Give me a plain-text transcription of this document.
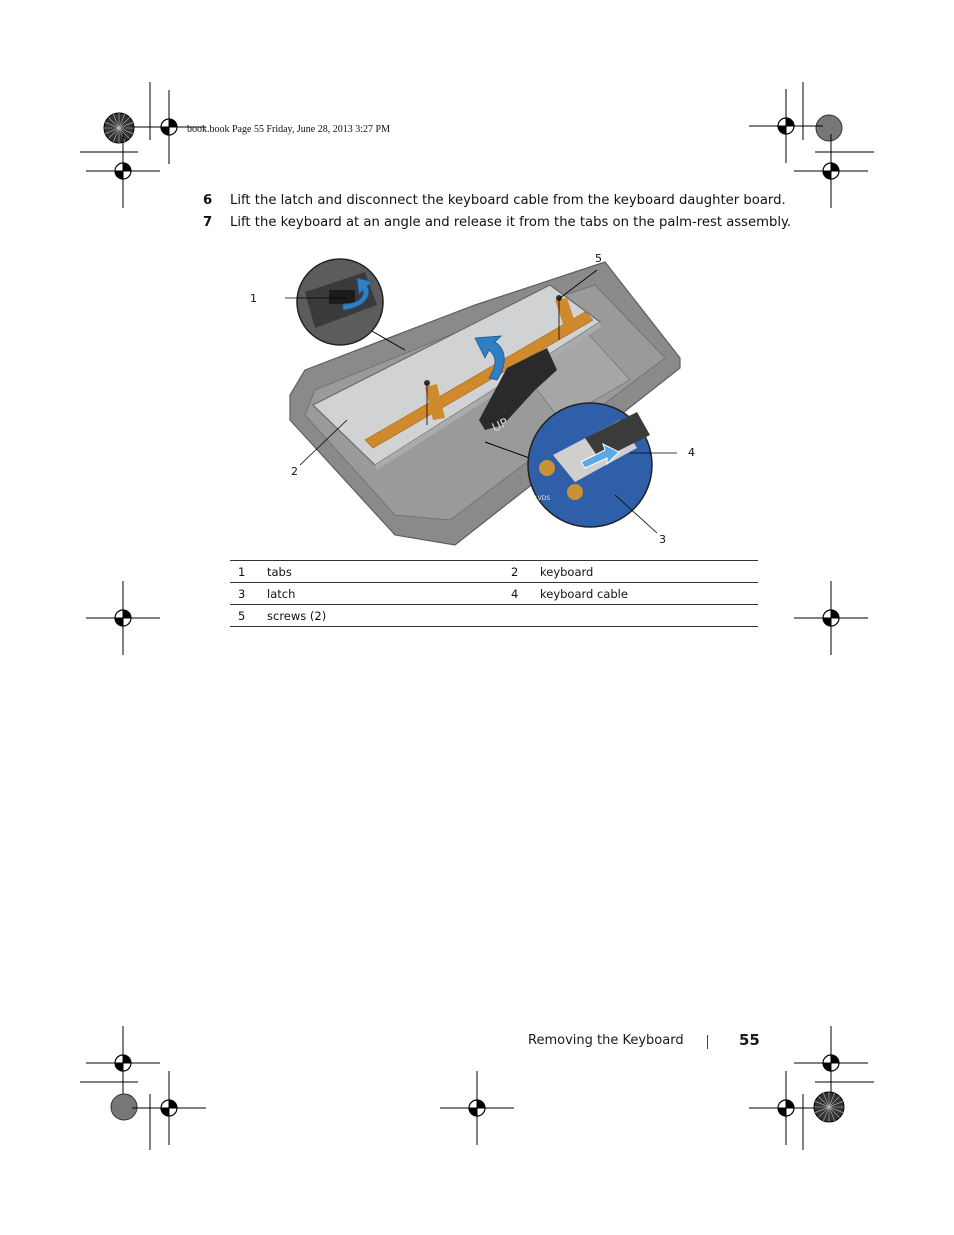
book.book Page 55 Friday, June 28, 2013 3:27 PM
6 Lift the latch and disconnect the keyboard cable from the keyboard daughter board.
7 Lift the keyboard at an angle and release it from the tabs on the palm-rest assembly.
LVDS
1
2
3
4
5
UP
1	tabs	2	keyboard
3	latch	4	keyboard cable
5	screws (2)		
Removing the Keyboard	55
